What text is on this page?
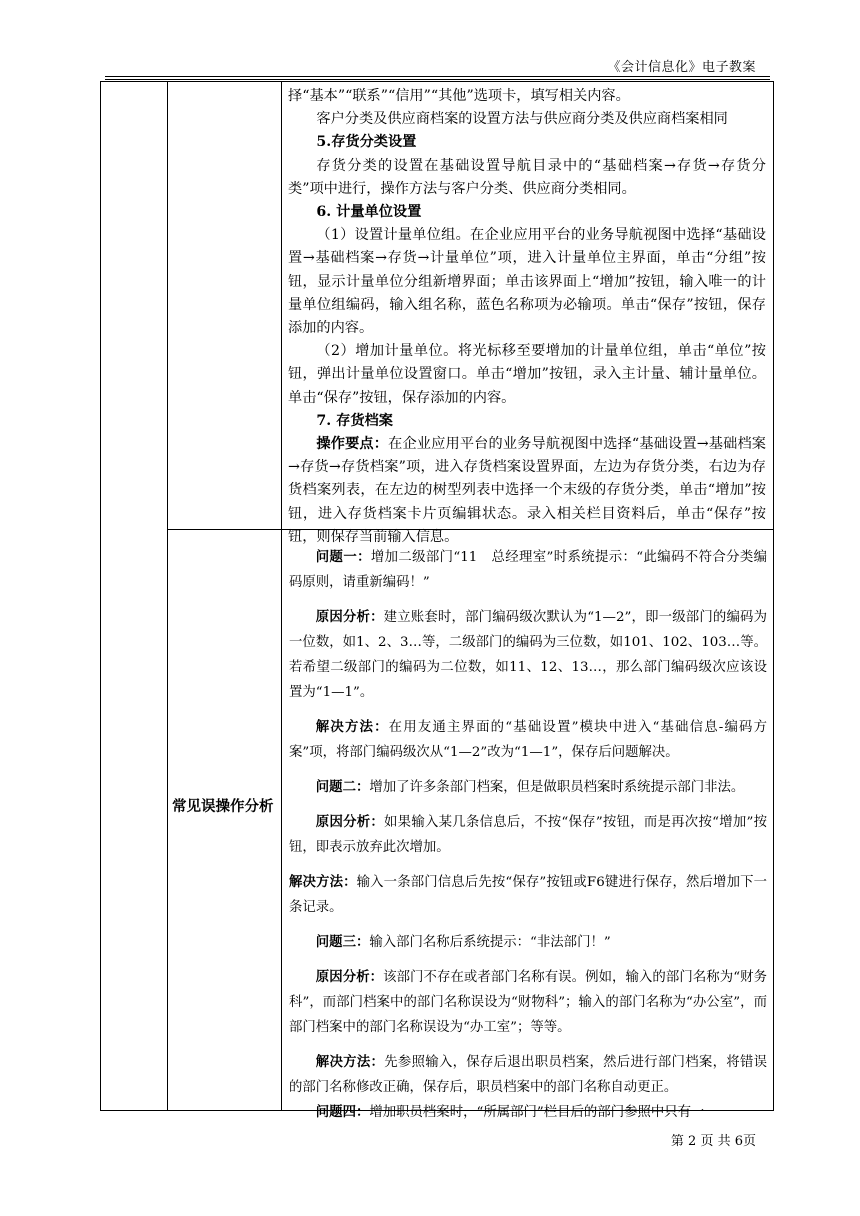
《会计信息化》电子教案

择“基本”“联系”“信用”“其他”选项卡，填写相关内容。

客户分类及供应商档案的设置方法与供应商分类及供应商档案相同

5.存货分类设置

存货分类的设置在基础设置导航目录中的“基础档案→存货→存货分类”项中进行，操作方法与客户分类、供应商分类相同。

6. 计量单位设置

（1）设置计量单位组。在企业应用平台的业务导航视图中选择“基础设置→基础档案→存货→计量单位”项，进入计量单位主界面，单击“分组”按钮，显示计量单位分组新增界面；单击该界面上“增加”按钮，输入唯一的计量单位组编码，输入组名称，蓝色名称项为必输项。单击“保存”按钮，保存添加的内容。

（2）增加计量单位。将光标移至要增加的计量单位组，单击“单位”按钮，弹出计量单位设置窗口。单击“增加”按钮，录入主计量、辅计量单位。单击“保存”按钮，保存添加的内容。

7. 存货档案

操作要点：在企业应用平台的业务导航视图中选择“基础设置→基础档案→存货→存货档案”项，进入存货档案设置界面，左边为存货分类，右边为存货档案列表，在左边的树型列表中选择一个末级的存货分类，单击“增加”按钮，进入存货档案卡片页编辑状态。录入相关栏目资料后，单击“保存”按钮，则保存当前输入信息。

常见误操作分析

问题一：增加二级部门“11　总经理室”时系统提示：“此编码不符合分类编码原则，请重新编码！”

原因分析：建立账套时，部门编码级次默认为“1—2”，即一级部门的编码为一位数，如1、2、3…等，二级部门的编码为三位数，如101、102、103…等。若希望二级部门的编码为二位数，如11、12、13…，那么部门编码级次应该设置为“1—1”。

解决方法：在用友通主界面的“基础设置”模块中进入“基础信息-编码方案”项，将部门编码级次从“1—2”改为“1—1”，保存后问题解决。

问题二：增加了许多条部门档案，但是做职员档案时系统提示部门非法。

原因分析：如果输入某几条信息后，不按“保存”按钮，而是再次按“增加”按钮，即表示放弃此次增加。

解决方法：输入一条部门信息后先按“保存”按钮或F6键进行保存，然后增加下一条记录。

问题三：输入部门名称后系统提示：“非法部门！”

原因分析：该部门不存在或者部门名称有误。例如，输入的部门名称为“财务科”，而部门档案中的部门名称误设为“财物科”；输入的部门名称为“办公室”，而部门档案中的部门名称误设为“办工室”；等等。

解决方法：先参照输入，保存后退出职员档案，然后进行部门档案，将错误的部门名称修改正确，保存后，职员档案中的部门名称自动更正。

问题四：增加职员档案时，“所属部门”栏目后的部门参照中只有一

第 2 页 共 6页
